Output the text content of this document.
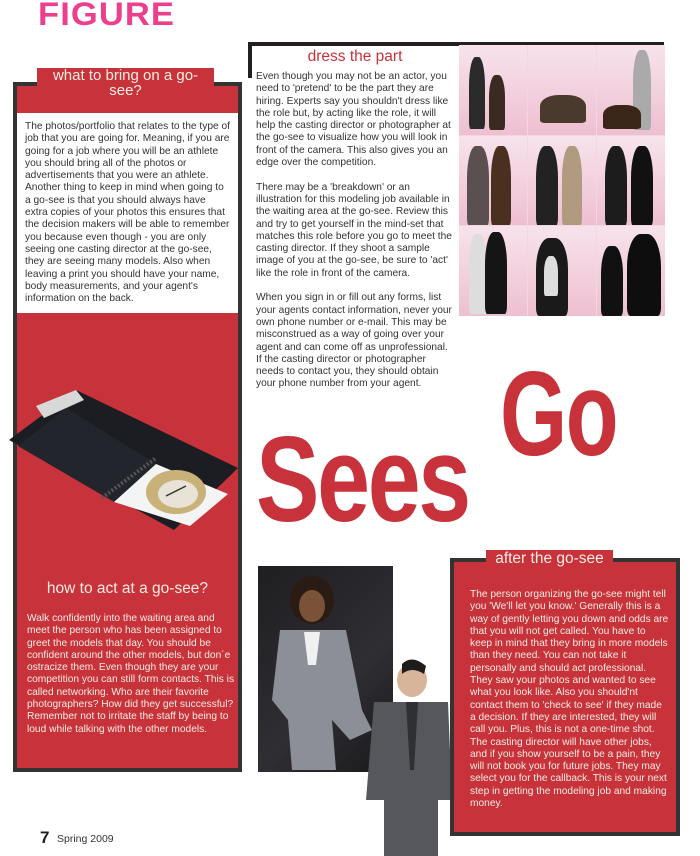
FIGURE
what to bring on a go-see?
The photos/portfolio that relates to the type of job that you are going for. Meaning, if you are going for a job where you will be an athlete you should bring all of the photos or advertisements that you were an athlete. Another thing to keep in mind when going to a go-see is that you should always have extra copies of your photos this ensures that the decision makers will be able to remember you because even though - you are only seeing one casting director at the go-see, they are seeing many models. Also when leaving a print you should have your name, body measurements, and your agent's information on the back.
how to act at a go-see?
Walk confidently into the waiting area and meet the person who has been assigned to greet the models that day. You should be confident around the other models, but don´e ostracize them. Even though they are your competition you can still form contacts. This is called networking. Who are their favorite photographers? How did they get successful? Remember not to irritate the staff by being to loud while talking with the other models.
dress the part

Even though you may not be an actor, you need to 'pretend' to be the part they are hiring. Experts say you shouldn't dress like the role but, by acting like the role, it will help the casting director or photographer at the go-see to visualize how you will look in front of the camera. This also gives you an edge over the competition.

There may be a 'breakdown' or an illustration for this modeling job available in the waiting area at the go-see. Review this and try to get yourself in the mind-set that matches this role before you go to meet the casting director. If they shoot a sample image of you at the go-see, be sure to 'act' like the role in front of the camera.

When you sign in or fill out any forms, list your agents contact information, never your own phone number or e-mail. This may be misconstrued as a way of going over your agent and can come off as unprofessional. If the casting director or photographer needs to contact you, they should obtain your phone number from your agent. Go
Sees
after the go-see
The person organizing the go-see might tell you 'We'll let you know.' Generally this is a way of gently letting you down and odds are that you will not get called. You have to keep in mind that they bring in more models than they need. You can not take it personally and should act professional. They saw your photos and wanted to see what you look like. Also you should'nt contact them to 'check to see' if they made a decision. If they are interested, they will call you. Plus, this is not a one-time shot. The casting director will have other jobs, and if you show yourself to be a pain, they will not book you for future jobs. They may select you for the callback. This is your next step in getting the modeling job and making money.
7 Spring 2009
